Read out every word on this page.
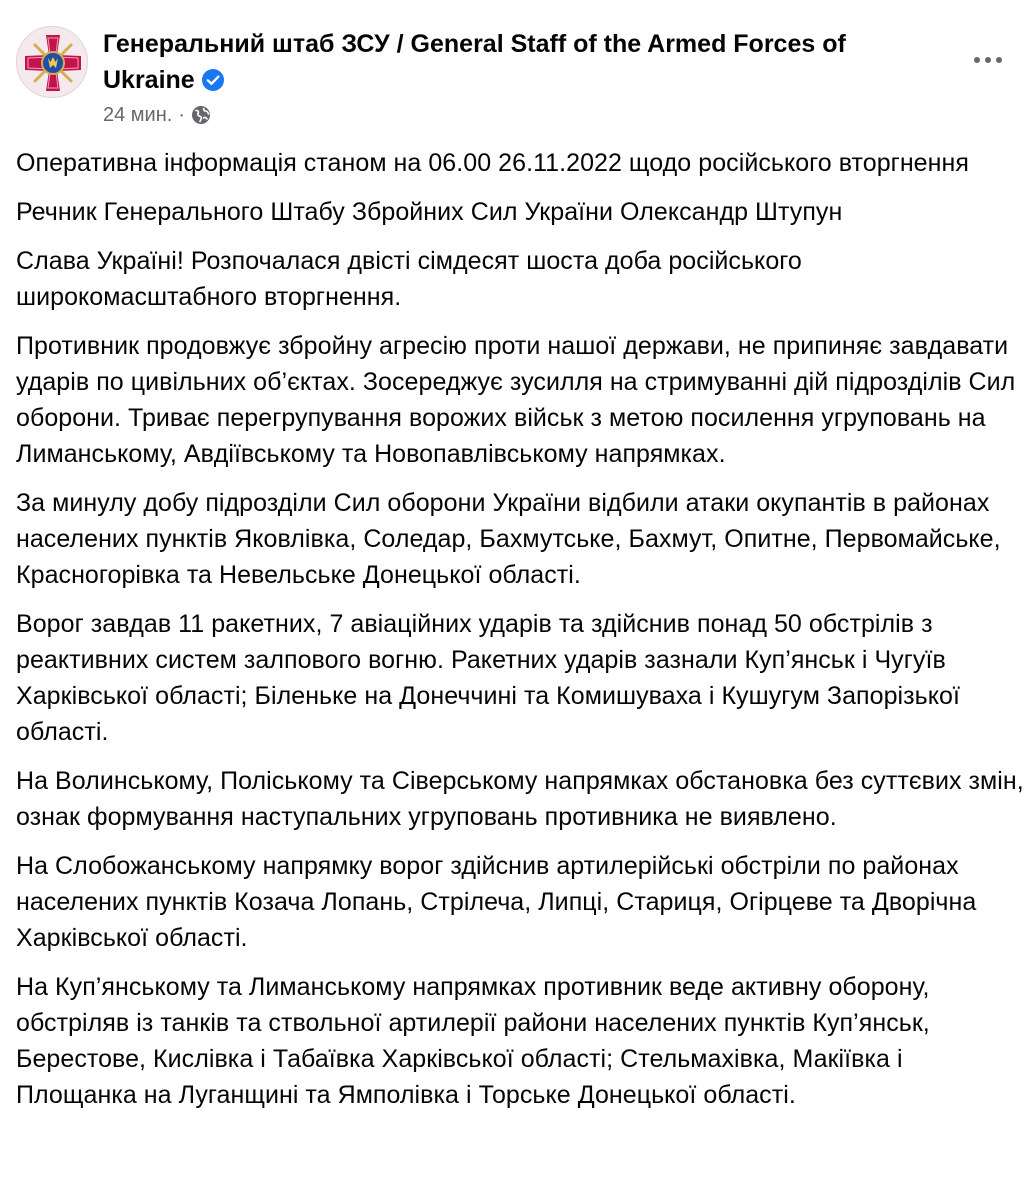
Генеральний штаб ЗСУ / General Staff of the Armed Forces of Ukraine
24 мин. ·

Оперативна інформація станом на 06.00 26.11.2022 щодо російського вторгнення

Речник Генерального Штабу Збройних Сил України Олександр Штупун

Слава Україні! Розпочалася двісті сімдесят шоста доба російського широкомасштабного вторгнення.

Противник продовжує збройну агресію проти нашої держави, не припиняє завдавати ударів по цивільних об’єктах. Зосереджує зусилля на стримуванні дій підрозділів Сил оборони. Триває перегрупування ворожих військ з метою посилення угруповань на Лиманському, Авдіївському та Новопавлівському напрямках.

За минулу добу підрозділи Сил оборони України відбили атаки окупантів в районах населених пунктів Яковлівка, Соледар, Бахмутське, Бахмут, Опитне, Первомайське, Красногорівка та Невельське Донецької області.

Ворог завдав 11 ракетних, 7 авіаційних ударів та здійснив понад 50 обстрілів з реактивних систем залпового вогню. Ракетних ударів зазнали Куп’янськ і Чугуїв Харківської області; Біленьке на Донеччині та Комишуваха і Кушугум Запорізької області.

На Волинському, Поліському та Сіверському напрямках обстановка без суттєвих змін, ознак формування наступальних угруповань противника не виявлено.

На Слобожанському напрямку ворог здійснив артилерійські обстріли по районах населених пунктів Козача Лопань, Стрілеча, Липці, Стариця, Огірцеве та Дворічна Харківської області.

На Куп’янському та Лиманському напрямках противник веде активну оборону, обстріляв із танків та ствольної артилерії райони населених пунктів Куп’янськ, Берестове, Кислівка і Табаївка Харківської області; Стельмахівка, Макіївка і Площанка на Луганщині та Ямполівка і Торське Донецької області.
